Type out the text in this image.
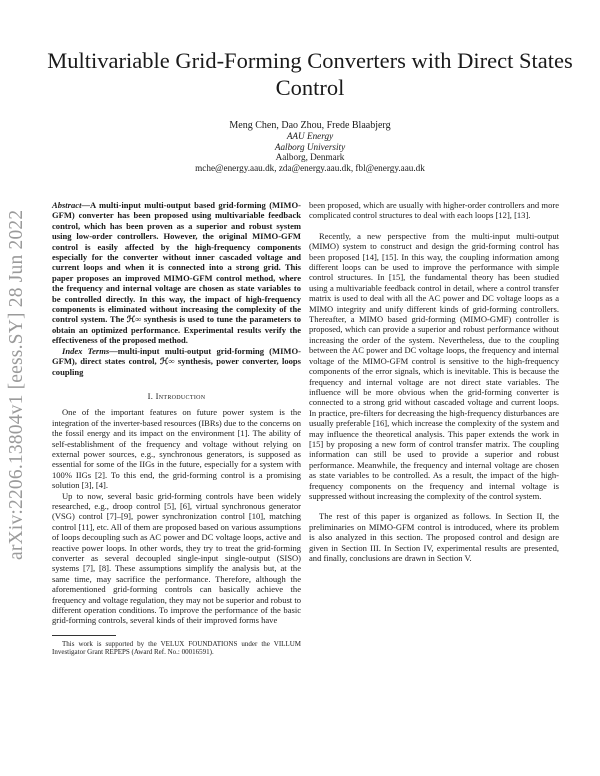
arXiv:2206.13804v1 [eess.SY] 28 Jun 2022
Multivariable Grid-Forming Converters with Direct States Control
Meng Chen, Dao Zhou, Frede Blaabjerg
AAU Energy
Aalborg University
Aalborg, Denmark
mche@energy.aau.dk, zda@energy.aau.dk, fbl@energy.aau.dk

Abstract—A multi-input multi-output based grid-forming (MIMO-GFM) converter has been proposed using multivariable feedback control, which has been proven as a superior and robust system using low-order controllers. However, the original MIMO-GFM control is easily affected by the high-frequency components especially for the converter without inner cascaded voltage and current loops and when it is connected into a strong grid. This paper proposes an improved MIMO-GFM control method, where the frequency and internal voltage are chosen as state variables to be controlled directly. In this way, the impact of high-frequency components is eliminated without increasing the complexity of the control system. The ℋ∞ synthesis is used to tune the parameters to obtain an optimized performance. Experimental results verify the effectiveness of the proposed method.

Index Terms—multi-input multi-output grid-forming (MIMO-GFM), direct states control, ℋ∞ synthesis, power converter, loops coupling

I. Introduction

One of the important features on future power system is the integration of the inverter-based resources (IBRs) due to the concerns on the fossil energy and its impact on the environment [1]. The ability of self-establishment of the frequency and voltage without relying on external power sources, e.g., synchronous generators, is supposed as essential for some of the IIGs in the future, especially for a system with 100% IIGs [2]. To this end, the grid-forming control is a promising solution [3], [4].

Up to now, several basic grid-forming controls have been widely researched, e.g., droop control [5], [6], virtual synchronous generator (VSG) control [7]–[9], power synchronization control [10], matching control [11], etc. All of them are proposed based on various assumptions of loops decoupling such as AC power and DC voltage loops, active and reactive power loops. In other words, they try to treat the grid-forming converter as several decoupled single-input single-output (SISO) systems [7], [8]. These assumptions simplify the analysis but, at the same time, may sacrifice the performance. Therefore, although the aforementioned grid-forming controls can basically achieve the frequency and voltage regulation, they may not be superior and robust to different operation conditions. To improve the performance of the basic grid-forming controls, several kinds of their improved forms have

This work is supported by the VELUX FOUNDATIONS under the VILLUM Investigator Grant REPEPS (Award Ref. No.: 00016591).

been proposed, which are usually with higher-order controllers and more complicated control structures to deal with each loops [12], [13].

Recently, a new perspective from the multi-input multi-output (MIMO) system to construct and design the grid-forming control has been proposed [14], [15]. In this way, the coupling information among different loops can be used to improve the performance with simple control structures. In [15], the fundamental theory has been studied using a multivariable feedback control in detail, where a control transfer matrix is used to deal with all the AC power and DC voltage loops as a MIMO integrity and unify different kinds of grid-forming controllers. Thereafter, a MIMO based grid-forming (MIMO-GMF) controller is proposed, which can provide a superior and robust performance without increasing the order of the system. Nevertheless, due to the coupling between the AC power and DC voltage loops, the frequency and internal voltage of the MIMO-GFM control is sensitive to the high-frequency components of the error signals, which is inevitable. This is because the frequency and internal voltage are not direct state variables. The influence will be more obvious when the grid-forming converter is connected to a strong grid without cascaded voltage and current loops. In practice, pre-filters for decreasing the high-frequency disturbances are usually preferable [16], which increase the complexity of the system and may influence the theoretical analysis. This paper extends the work in [15] by proposing a new form of control transfer matrix. The coupling information can still be used to provide a superior and robust performance. Meanwhile, the frequency and internal voltage are chosen as state variables to be controlled. As a result, the impact of the high-frequency components on the frequency and internal voltage is suppressed without increasing the complexity of the control system.

The rest of this paper is organized as follows. In Section II, the preliminaries on MIMO-GFM control is introduced, where its problem is also analyzed in this section. The proposed control and design are given in Section III. In Section IV, experimental results are presented, and finally, conclusions are drawn in Section V.
